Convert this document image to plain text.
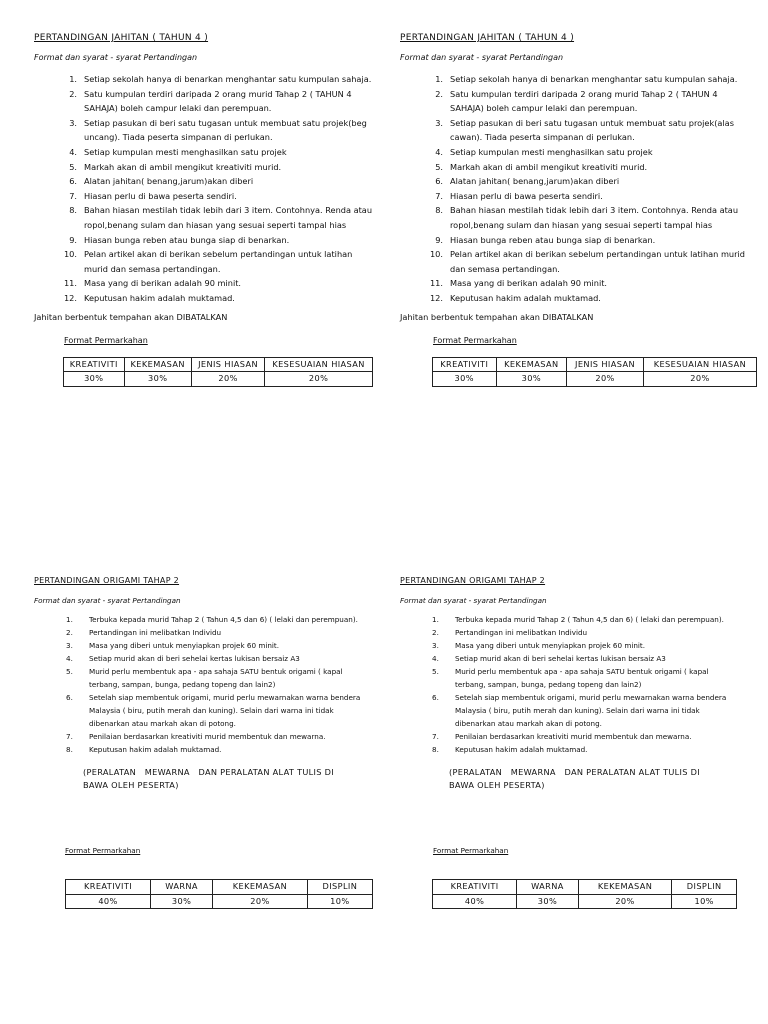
PERTANDINGAN JAHITAN ( TAHUN 4 )
Format dan syarat - syarat Pertandingan
1. Setiap sekolah hanya di benarkan menghantar satu kumpulan sahaja.
2. Satu kumpulan terdiri daripada 2 orang murid Tahap 2 ( TAHUN 4 SAHAJA) boleh campur lelaki dan perempuan.
3. Setiap pasukan di beri satu tugasan untuk membuat satu projek(beg uncang). Tiada peserta simpanan di perlukan.
4. Setiap kumpulan mesti menghasilkan satu projek
5. Markah akan di ambil mengikut kreativiti murid.
6. Alatan jahitan( benang,jarum)akan diberi
7. Hiasan perlu di bawa peserta sendiri.
8. Bahan hiasan mestilah tidak lebih dari 3 item. Contohnya. Renda atau ropol,benang sulam dan hiasan yang sesuai seperti tampal hias
9. Hiasan bunga reben atau bunga siap di benarkan.
10. Pelan artikel akan di berikan sebelum pertandingan untuk latihan murid dan semasa pertandingan.
11. Masa yang di berikan adalah 90 minit.
12. Keputusan hakim adalah muktamad.
Jahitan berbentuk tempahan akan DIBATALKAN
Format Permarkahan
KREATIVITI	KEKEMASAN	JENIS HIASAN	KESESUAIAN HIASAN
30%	30%	20%	20%
PERTANDINGAN JAHITAN ( TAHUN 4 )
Format dan syarat - syarat Pertandingan
1. Setiap sekolah hanya di benarkan menghantar satu kumpulan sahaja.
2. Satu kumpulan terdiri daripada 2 orang murid Tahap 2 ( TAHUN 4 SAHAJA) boleh campur lelaki dan perempuan.
3. Setiap pasukan di beri satu tugasan untuk membuat satu projek(alas cawan). Tiada peserta simpanan di perlukan.
4. Setiap kumpulan mesti menghasilkan satu projek
5. Markah akan di ambil mengikut kreativiti murid.
6. Alatan jahitan( benang,jarum)akan diberi
7. Hiasan perlu di bawa peserta sendiri.
8. Bahan hiasan mestilah tidak lebih dari 3 item. Contohnya. Renda atau ropol,benang sulam dan hiasan yang sesuai seperti tampal hias
9. Hiasan bunga reben atau bunga siap di benarkan.
10. Pelan artikel akan di berikan sebelum pertandingan untuk latihan murid dan semasa pertandingan.
11. Masa yang di berikan adalah 90 minit.
12. Keputusan hakim adalah muktamad.
Jahitan berbentuk tempahan akan DIBATALKAN
Format Permarkahan
KREATIVITI	KEKEMASAN	JENIS HIASAN	KESESUAIAN HIASAN
30%	30%	20%	20%
PERTANDINGAN ORIGAMI TAHAP 2
Format dan syarat - syarat Pertandingan
1.	Terbuka kepada murid Tahap 2 ( Tahun 4,5 dan 6) ( lelaki dan perempuan).
2.	Pertandingan ini melibatkan Individu
3.	Masa yang diberi untuk menyiapkan projek 60 minit.
4.	Setiap murid akan di beri sehelai kertas lukisan bersaiz A3
5.	Murid perlu membentuk apa - apa sahaja SATU bentuk origami ( kapal terbang, sampan, bunga, pedang topeng dan lain2)
6.	Setelah siap membentuk origami, murid perlu mewarnakan warna bendera Malaysia ( biru, putih merah dan kuning). Selain dari warna ini tidak dibenarkan atau markah akan di potong.
7.	Penilaian berdasarkan kreativiti murid membentuk dan mewarna.
8.	Keputusan hakim adalah muktamad.
(PERALATAN   MEWARNA   DAN PERALATAN ALAT TULIS DI
BAWA OLEH PESERTA)
Format Permarkahan
KREATIVITI	WARNA	KEKEMASAN	DISPLIN
40%	30%	20%	10%
PERTANDINGAN ORIGAMI TAHAP 2
Format dan syarat - syarat Pertandingan
1.	Terbuka kepada murid Tahap 2 ( Tahun 4,5 dan 6) ( lelaki dan perempuan).
2.	Pertandingan ini melibatkan Individu
3.	Masa yang diberi untuk menyiapkan projek 60 minit.
4.	Setiap murid akan di beri sehelai kertas lukisan bersaiz A3
5.	Murid perlu membentuk apa - apa sahaja SATU bentuk origami ( kapal terbang, sampan, bunga, pedang topeng dan lain2)
6.	Setelah siap membentuk origami, murid perlu mewarnakan warna bendera Malaysia ( biru, putih merah dan kuning). Selain dari warna ini tidak dibenarkan atau markah akan di potong.
7.	Penilaian berdasarkan kreativiti murid membentuk dan mewarna.
8.	Keputusan hakim adalah muktamad.
(PERALATAN   MEWARNA   DAN PERALATAN ALAT TULIS DI
BAWA OLEH PESERTA)
Format Permarkahan
KREATIVITI	WARNA	KEKEMASAN	DISPLIN
40%	30%	20%	10%
